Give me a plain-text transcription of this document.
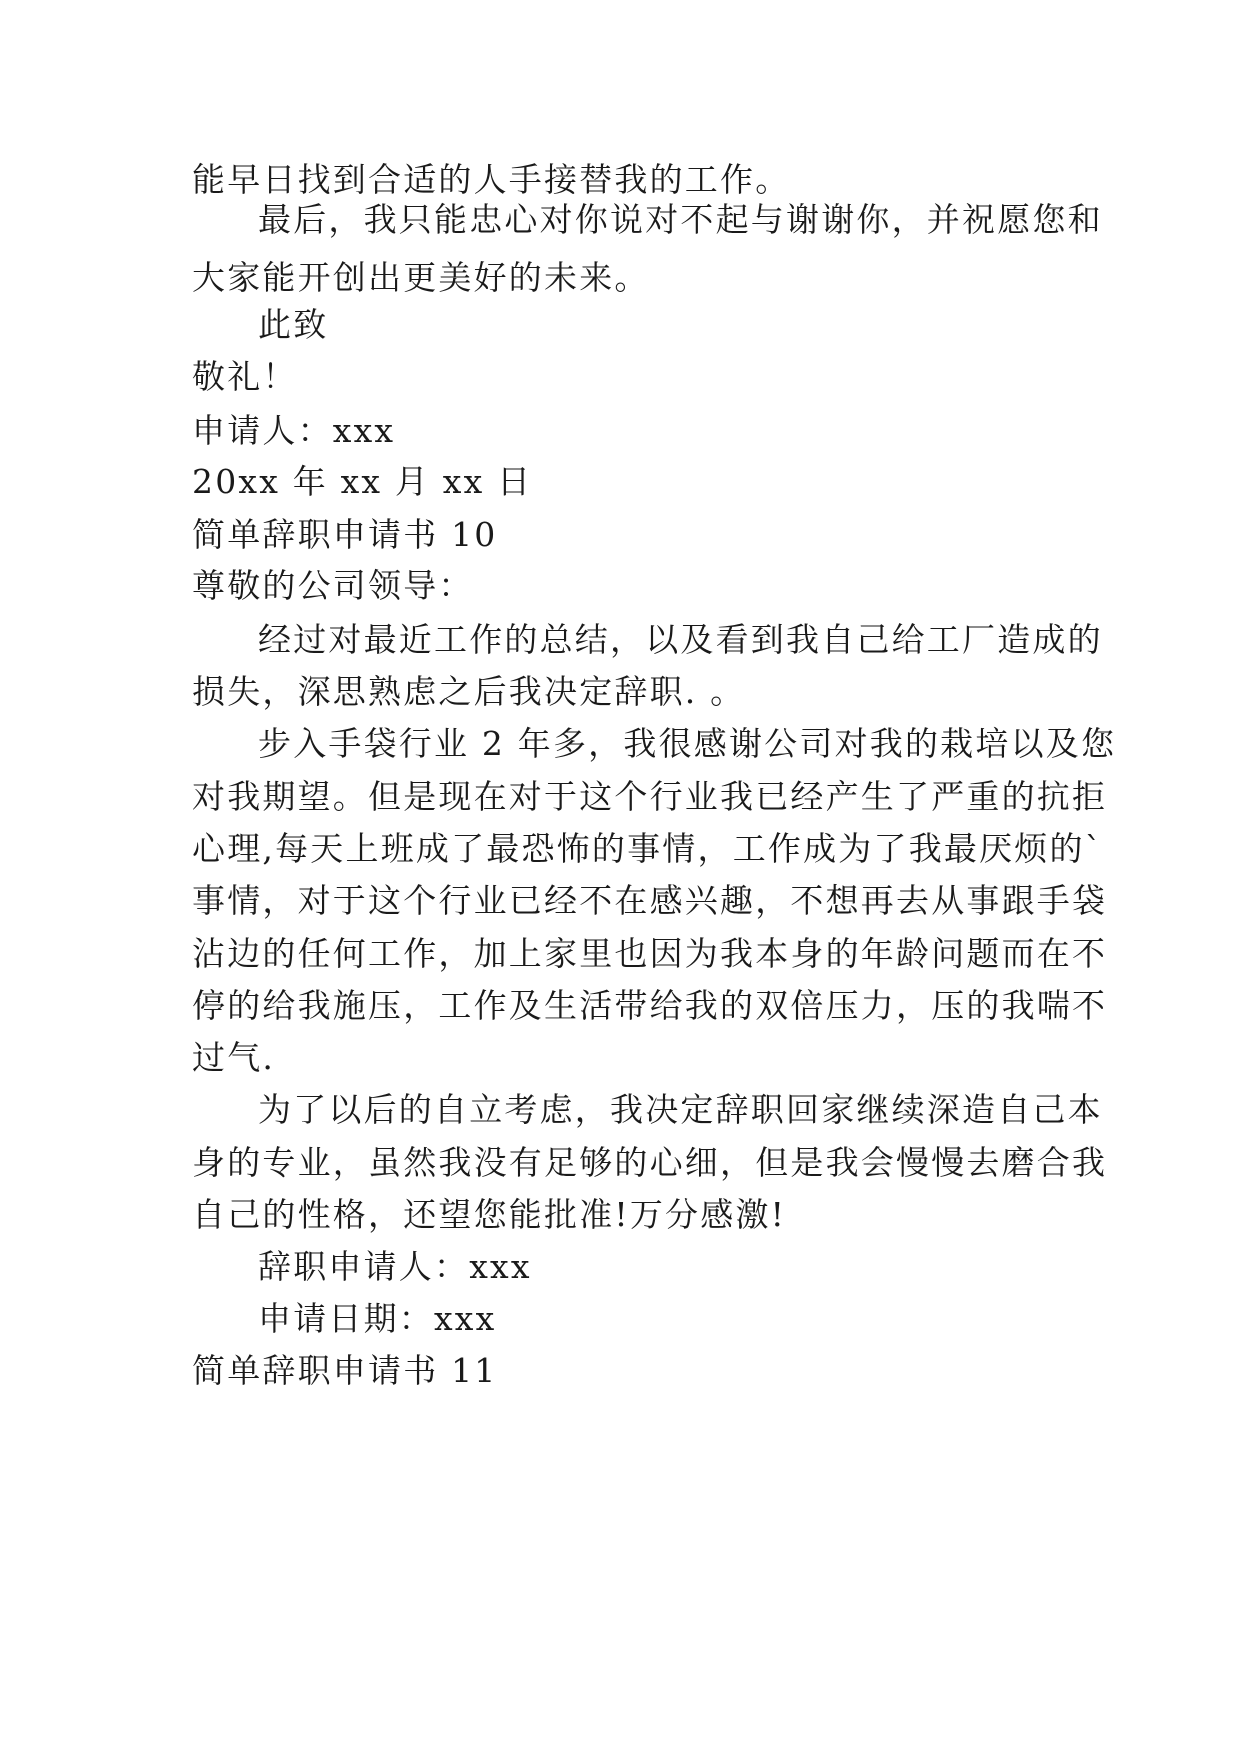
能早日找到合适的人手接替我的工作。
最后，我只能忠心对你说对不起与谢谢你，并祝愿您和
大家能开创出更美好的未来。
此致
敬礼！
申请人：xxx
20xx 年 xx 月 xx 日
简单辞职申请书 10
尊敬的公司领导：
经过对最近工作的总结，以及看到我自己给工厂造成的
损失，深思熟虑之后我决定辞职. 。
步入手袋行业 2 年多，我很感谢公司对我的栽培以及您
对我期望。但是现在对于这个行业我已经产生了严重的抗拒
心理,每天上班成了最恐怖的事情，工作成为了我最厌烦的`
事情，对于这个行业已经不在感兴趣，不想再去从事跟手袋
沾边的任何工作，加上家里也因为我本身的年龄问题而在不
停的给我施压，工作及生活带给我的双倍压力，压的我喘不
过气.
为了以后的自立考虑，我决定辞职回家继续深造自己本
身的专业，虽然我没有足够的心细，但是我会慢慢去磨合我
自己的性格，还望您能批准!万分感激!
辞职申请人：xxx
申请日期：xxx
简单辞职申请书 11
